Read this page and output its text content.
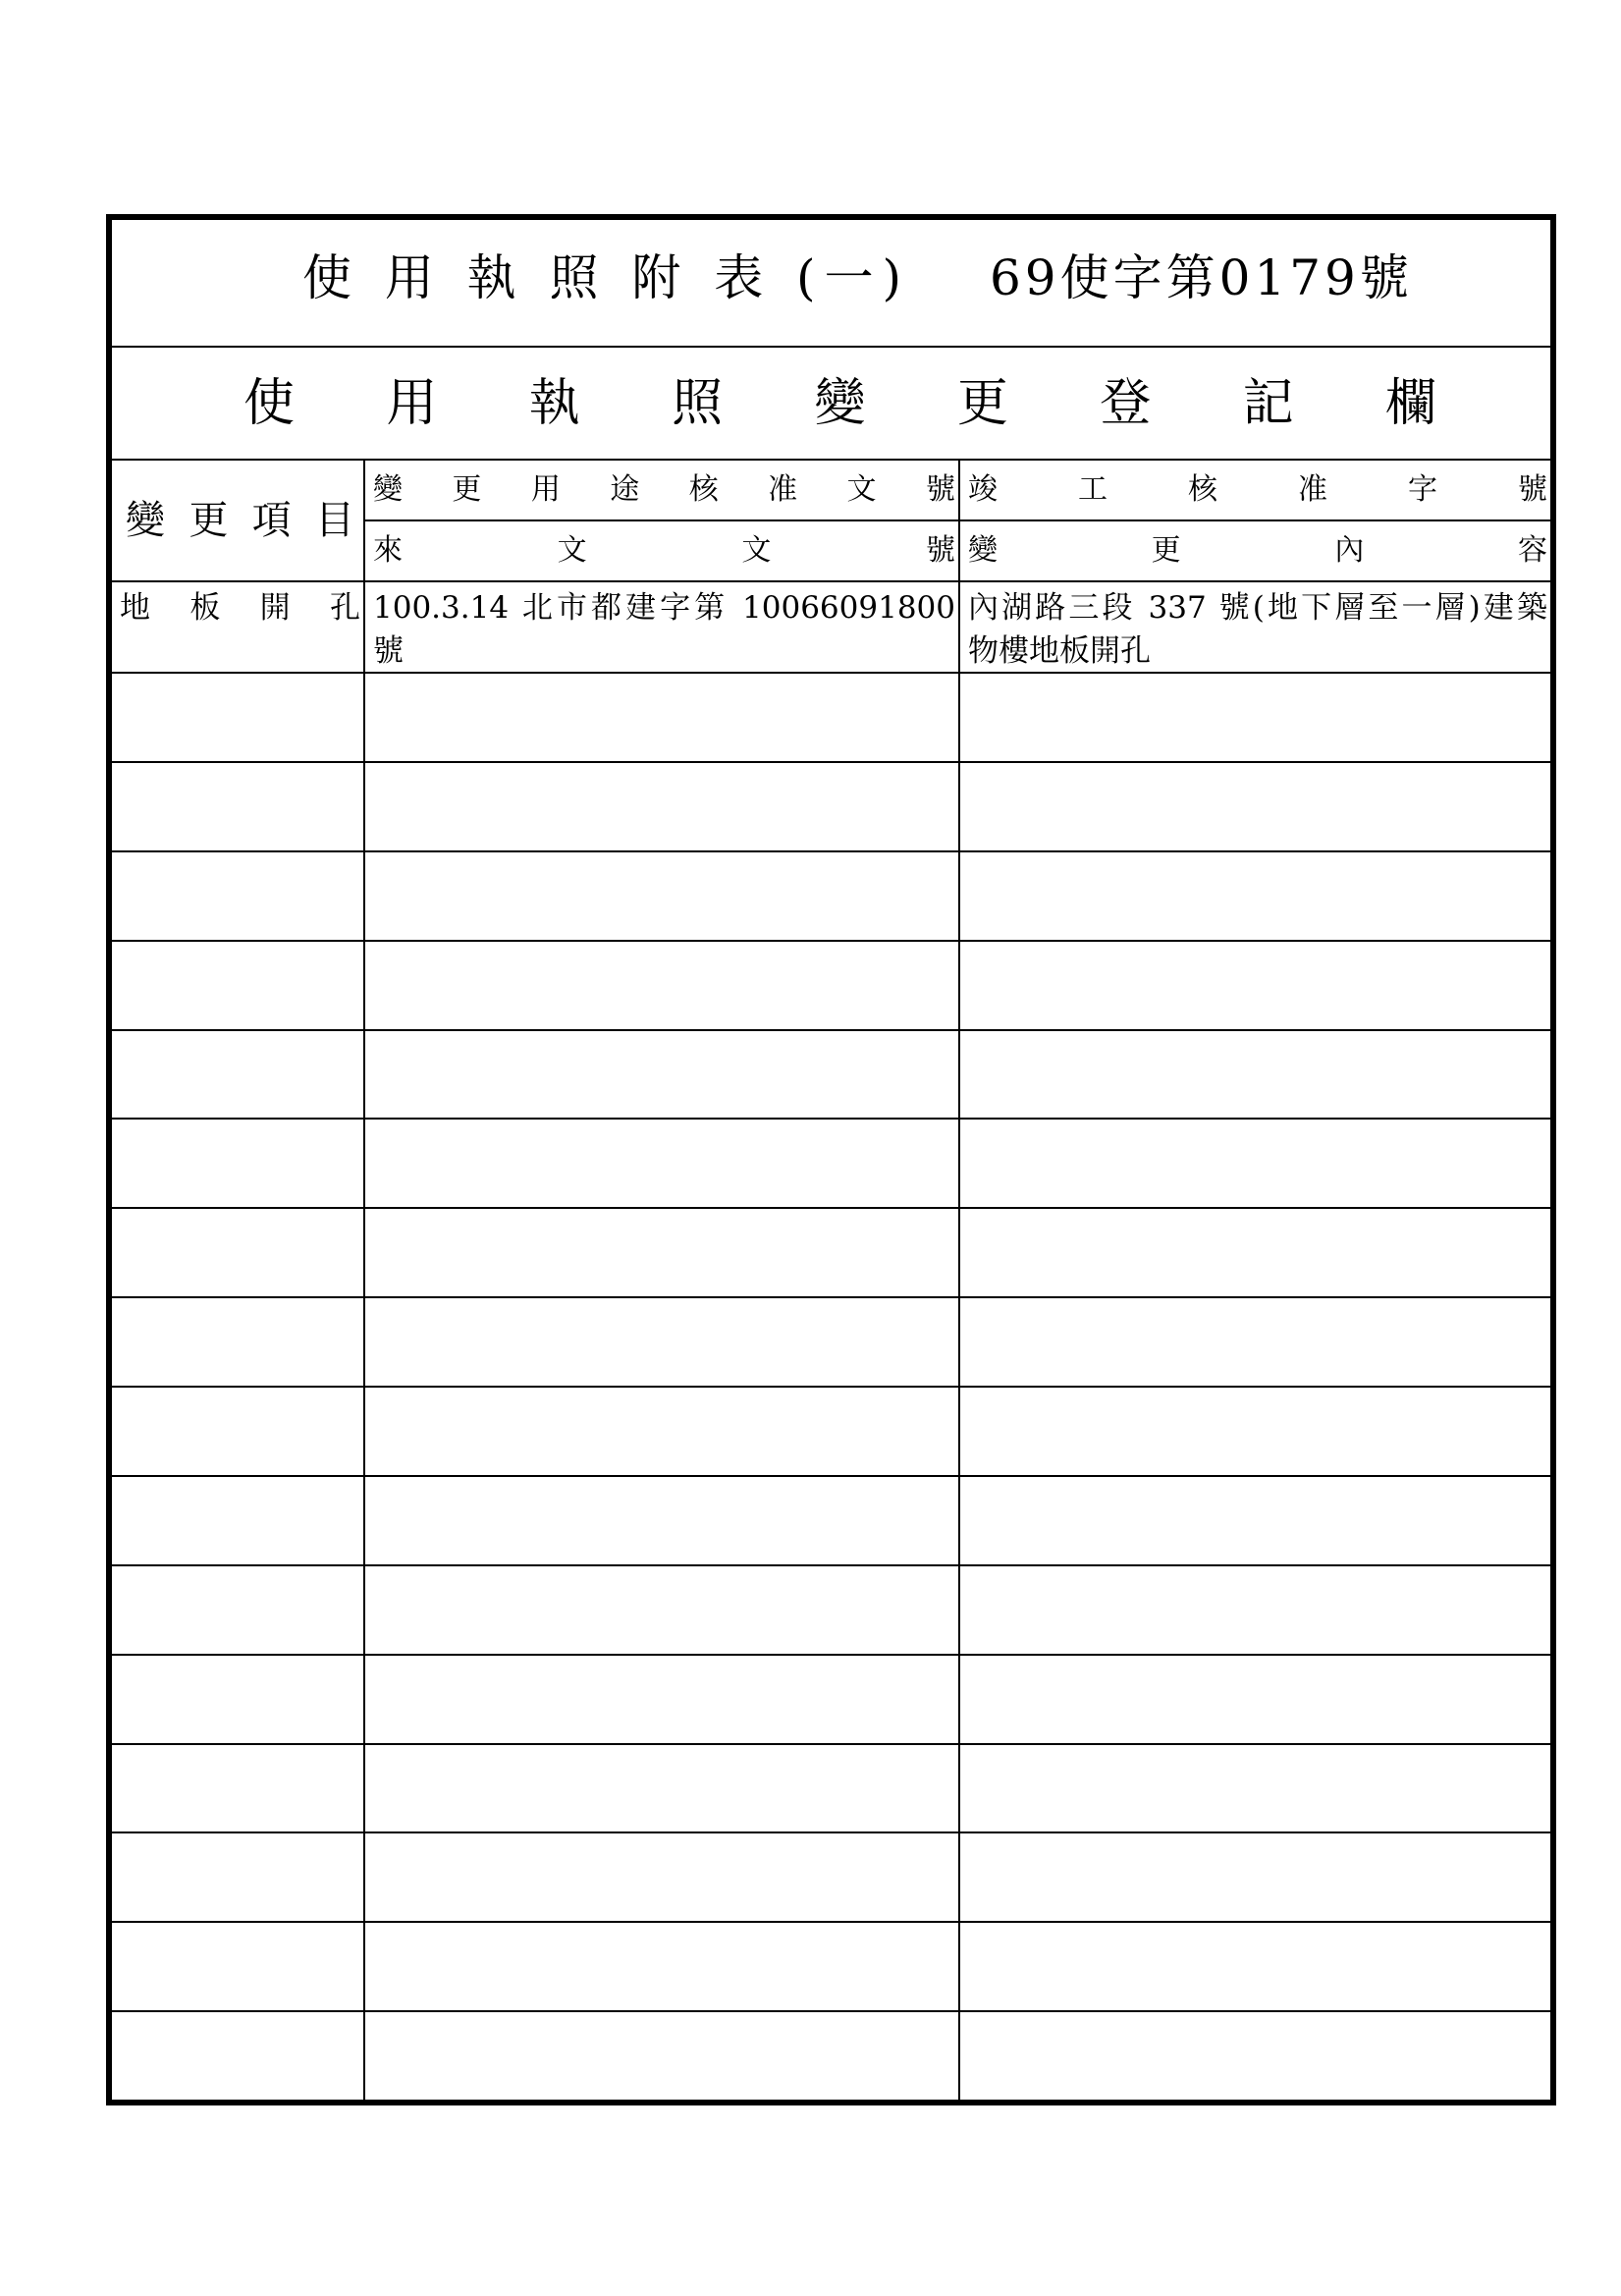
使 用 執 照 附 表 (一) 69使字第0179號
使 用 執 照 變 更 登 記 欄
變 更 項 目
變 更 用 途 核 准 文 號 竣 工 核 准 字 號
來 文 文 號 變 更 內 容
地 板 開 孔 100.3.14 北市都建字第 10066091800
號
內湖路三段 337 號(地下層至一層)建築
物樓地板開孔
